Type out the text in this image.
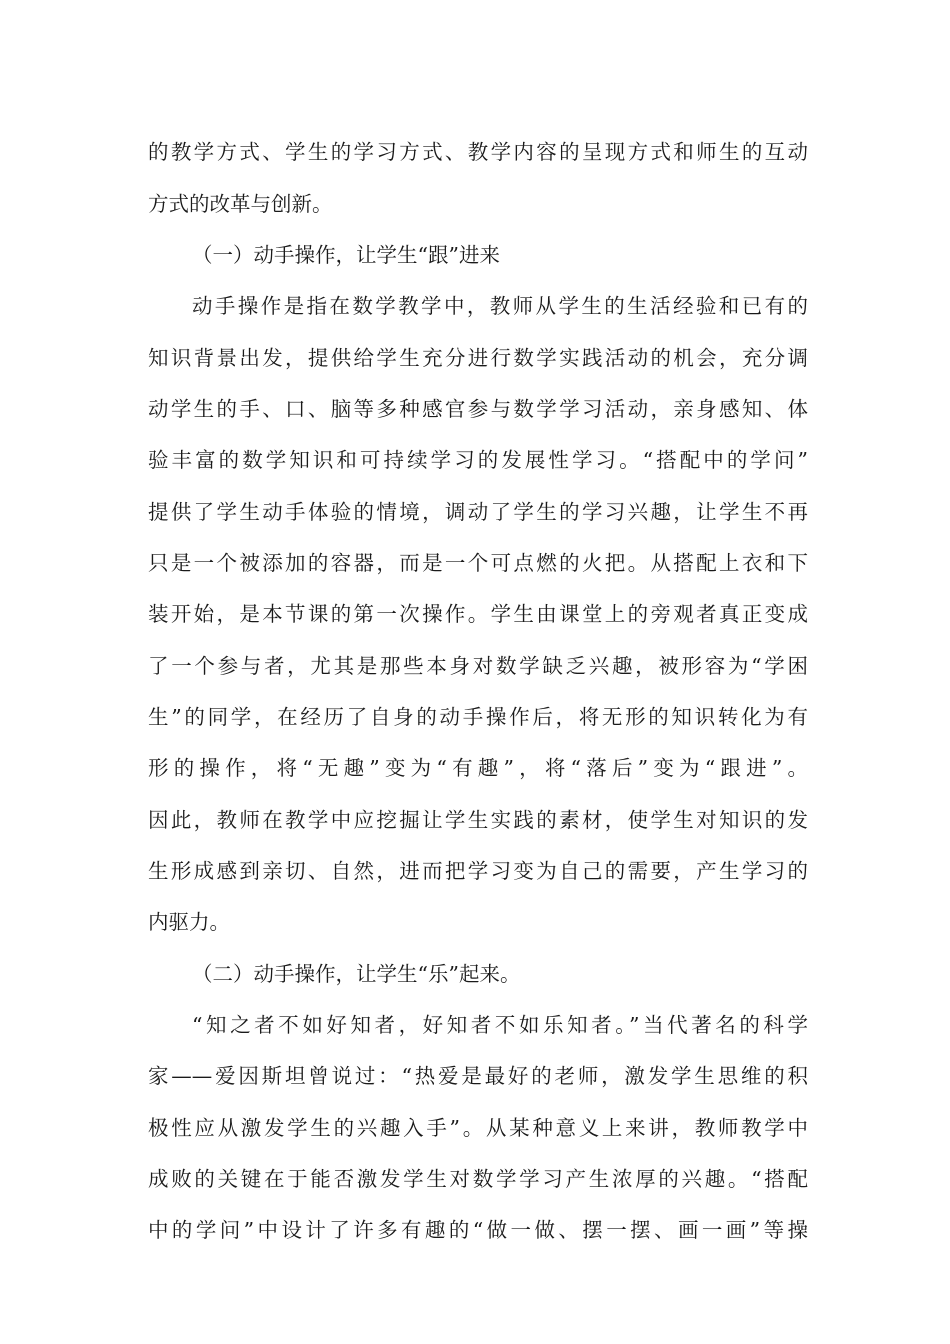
的教学方式、学生的学习方式、教学内容的呈现方式和师生的互动
方式的改革与创新。
（一）动手操作，让学生“跟”进来
动手操作是指在数学教学中，教师从学生的生活经验和已有的
知识背景出发，提供给学生充分进行数学实践活动的机会，充分调
动学生的手、口、脑等多种感官参与数学学习活动，亲身感知、体
验丰富的数学知识和可持续学习的发展性学习。“搭配中的学问”
提供了学生动手体验的情境，调动了学生的学习兴趣，让学生不再
只是一个被添加的容器，而是一个可点燃的火把。从搭配上衣和下
装开始，是本节课的第一次操作。学生由课堂上的旁观者真正变成
了一个参与者，尤其是那些本身对数学缺乏兴趣，被形容为“学困
生”的同学，在经历了自身的动手操作后，将无形的知识转化为有
形的操作，将“无趣”变为“有趣”，将“落后”变为“跟进”。
因此，教师在教学中应挖掘让学生实践的素材，使学生对知识的发
生形成感到亲切、自然，进而把学习变为自己的需要，产生学习的
内驱力。
（二）动手操作，让学生“乐”起来。
“知之者不如好知者，好知者不如乐知者。”当代著名的科学
家——爱因斯坦曾说过：“热爱是最好的老师，激发学生思维的积
极性应从激发学生的兴趣入手”。从某种意义上来讲，教师教学中
成败的关键在于能否激发学生对数学学习产生浓厚的兴趣。“搭配
中的学问”中设计了许多有趣的“做一做、摆一摆、画一画”等操
